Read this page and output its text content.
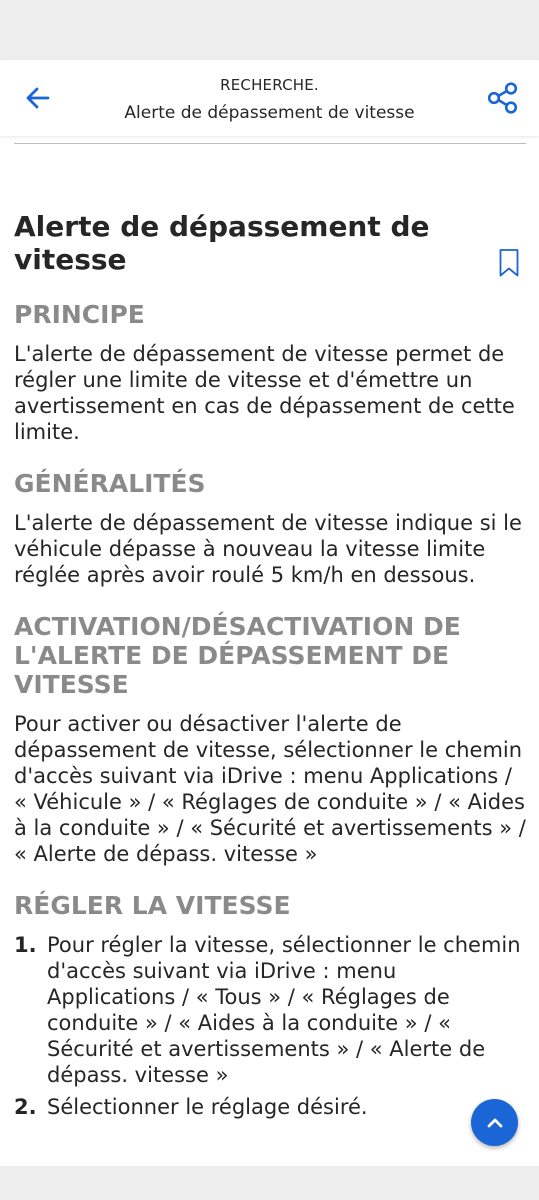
RECHERCHE.
Alerte de dépassement de vitesse
Alerte de dépassement de vitesse
PRINCIPE

L'alerte de dépassement de vitesse permet de régler une limite de vitesse et d'émettre un avertissement en cas de dépassement de cette limite.

GÉNÉRALITÉS

L'alerte de dépassement de vitesse indique si le véhicule dépasse à nouveau la vitesse limite réglée après avoir roulé 5 km/h en dessous.

ACTIVATION/DÉSACTIVATION DE L'ALERTE DE DÉPASSEMENT DE VITESSE

Pour activer ou désactiver l'alerte de dépassement de vitesse, sélectionner le chemin d'accès suivant via iDrive : menu Applications / « Véhicule » / « Réglages de conduite » / « Aides à la conduite » / « Sécurité et avertissements » / « Alerte de dépass. vitesse »

RÉGLER LA VITESSE
1. Pour régler la vitesse, sélectionner le chemin d'accès suivant via iDrive : menu Applications / « Tous » / « Réglages de conduite » / « Aides à la conduite » / « Sécurité et avertissements » / « Alerte de dépass. vitesse »
2. Sélectionner le réglage désiré.
